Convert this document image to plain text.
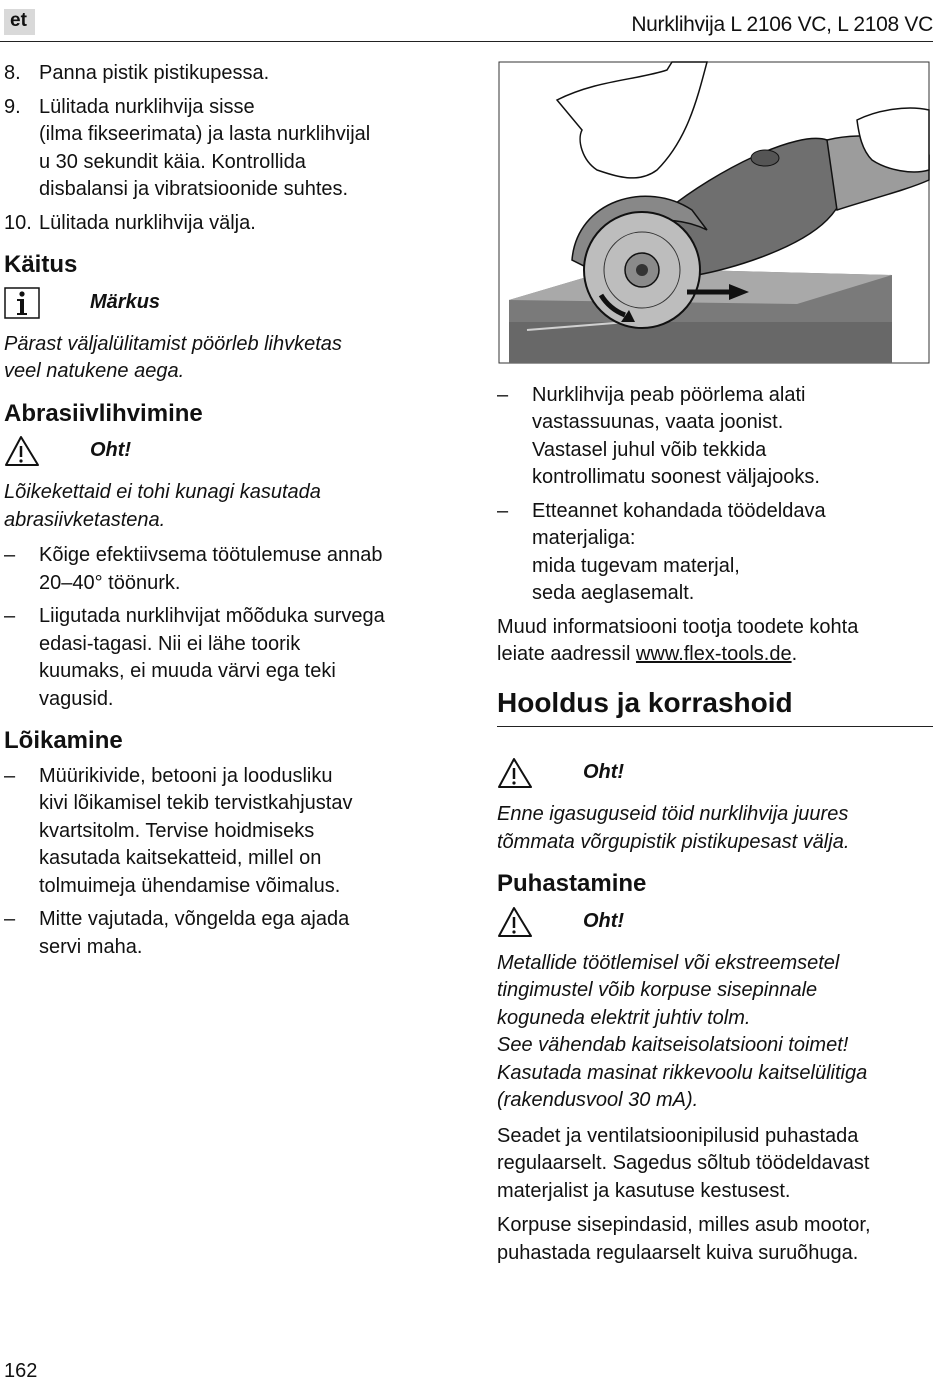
et	Nurklihvija L 2106 VC, L 2108 VC
8. Panna pistik pistikupessa.
9. Lülitada nurklihvija sisse
(ilma fikseerimata) ja lasta nurklihvijal
u 30 sekundit käia. Kontrollida
disbalansi ja vibratsioonide suhtes.
10. Lülitada nurklihvija välja.
Käitus
Märkus

Pärast väljalülitamist pöörleb lihvketas
veel natukene aega.

Abrasiivlihvimine
Oht!

Lõikekettaid ei tohi kunagi kasutada
abrasiivketastena.

–	Kõige efektiivsema töötulemuse annab
20–40° töönurk.
–	Liigutada nurklihvijat mõõduka survega
edasi-tagasi. Nii ei lähe toorik
kuumaks, ei muuda värvi ega teki
vagusid.
Lõikamine
–	Müürikivide, betooni ja loodusliku
kivi lõikamisel tekib tervistkahjustav
kvartsitolm. Tervise hoidmiseks
kasutada kaitsekatteid, millel on
tolmuimeja ühendamise võimalus.
–	Mitte vajutada, võngelda ega ajada
servi maha.
–	Nurklihvija peab pöörlema alati
vastassuunas, vaata joonist.
Vastasel juhul võib tekkida
kontrollimatu soonest väljajooks.
–	Etteannet kohandada töödeldava
materjaliga:
mida tugevam materjal,
seda aeglasemalt.

Muud informatsiooni tootja toodete kohta
leiate aadressil www.flex-tools.de.

Hooldus ja korrashoid
Oht!

Enne igasuguseid töid nurklihvija juures
tõmmata võrgupistik pistikupesast välja.

Puhastamine
Oht!

Metallide töötlemisel või ekstreemsetel
tingimustel võib korpuse sisepinnale
koguneda elektrit juhtiv tolm.
See vähendab kaitseisolatsiooni toimet!
Kasutada masinat rikkevoolu kaitselülitiga
(rakendusvool 30 mA).

Seadet ja ventilatsioonipilusid puhastada
regulaarselt. Sagedus sõltub töödeldavast
materjalist ja kasutuse kestusest.

Korpuse sisepindasid, milles asub mootor,
puhastada regulaarselt kuiva suruõhuga.

162
